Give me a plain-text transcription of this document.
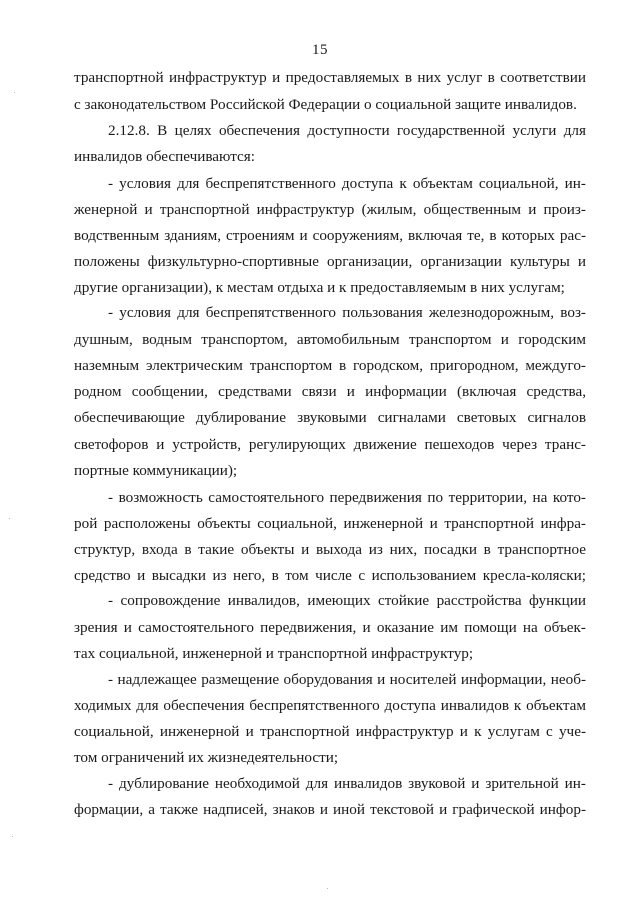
15
транспортной инфраструктур и предоставляемых в них услуг в соответствии
с законодательством Российской Федерации о социальной защите инвалидов.
2.12.8. В целях обеспечения доступности государственной услуги для
инвалидов обеспечиваются:
- условия для беспрепятственного доступа к объектам социальной, ин-
женерной и транспортной инфраструктур (жилым, общественным и произ-
водственным зданиям, строениям и сооружениям, включая те, в которых рас-
положены физкультурно-спортивные организации, организации культуры и
другие организации), к местам отдыха и к предоставляемым в них услугам;
- условия для беспрепятственного пользования железнодорожным, воз-
душным, водным транспортом, автомобильным транспортом и городским
наземным электрическим транспортом в городском, пригородном, междуго-
родном сообщении, средствами связи и информации (включая средства,
обеспечивающие дублирование звуковыми сигналами световых сигналов
светофоров и устройств, регулирующих движение пешеходов через транс-
портные коммуникации);
- возможность самостоятельного передвижения по территории, на кото-
рой расположены объекты социальной, инженерной и транспортной инфра-
структур, входа в такие объекты и выхода из них, посадки в транспортное
средство и высадки из него, в том числе с использованием кресла-коляски;
- сопровождение инвалидов, имеющих стойкие расстройства функции
зрения и самостоятельного передвижения, и оказание им помощи на объек-
тах социальной, инженерной и транспортной инфраструктур;
- надлежащее размещение оборудования и носителей информации, необ-
ходимых для обеспечения беспрепятственного доступа инвалидов к объектам
социальной, инженерной и транспортной инфраструктур и к услугам с уче-
том ограничений их жизнедеятельности;
- дублирование необходимой для инвалидов звуковой и зрительной ин-
формации, а также надписей, знаков и иной текстовой и графической инфор-
